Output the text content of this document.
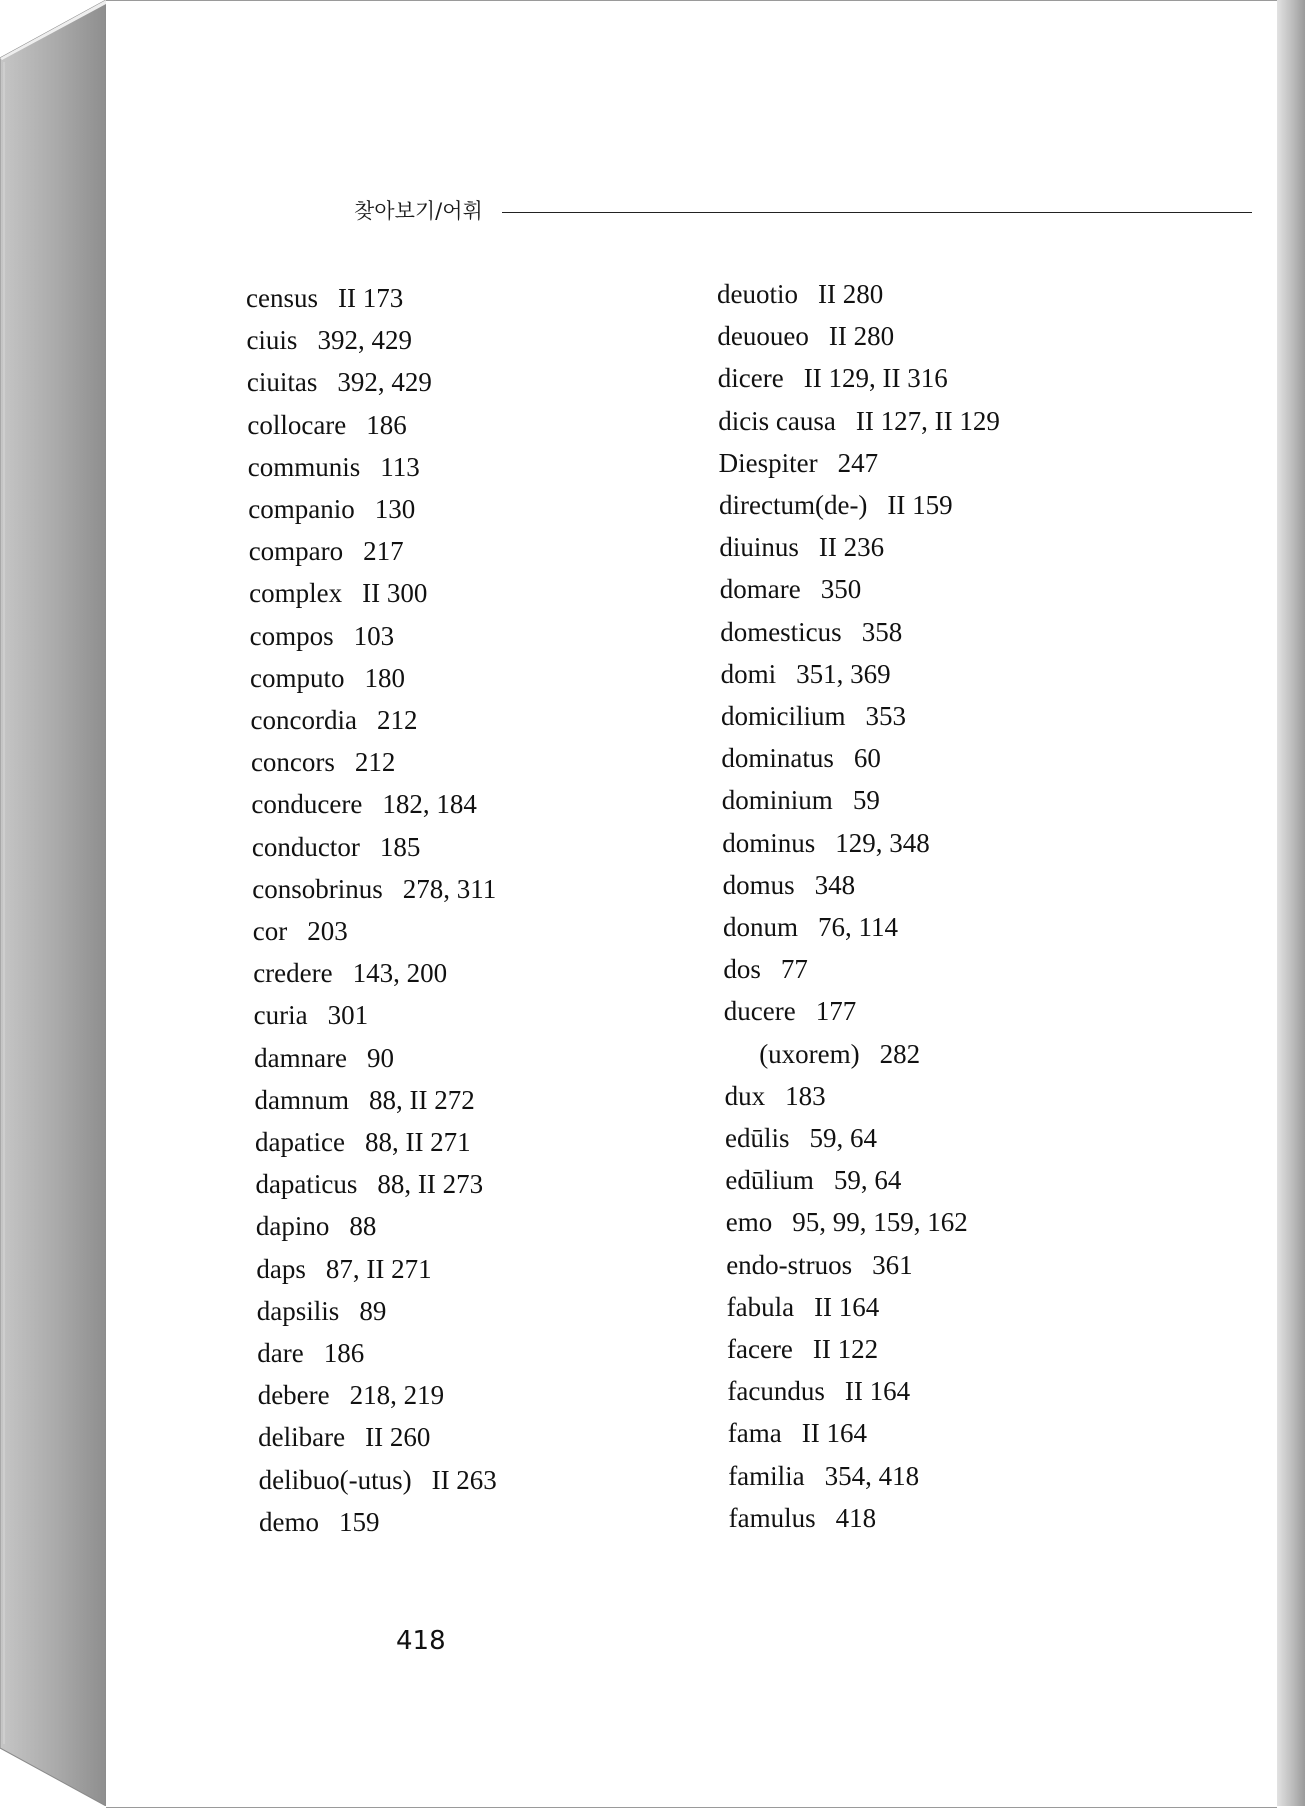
찾아보기/어휘
census II 173
ciuis 392, 429
ciuitas 392, 429
collocare 186
communis 113
companio 130
comparo 217
complex II 300
compos 103
computo 180
concordia 212
concors 212
conducere 182, 184
conductor 185
consobrinus 278, 311
cor 203
credere 143, 200
curia 301
damnare 90
damnum 88, II 272
dapatice 88, II 271
dapaticus 88, II 273
dapino 88
daps 87, II 271
dapsilis 89
dare 186
debere 218, 219
delibare II 260
delibuo(-utus) II 263
demo 159
deuotio II 280
deuoueo II 280
dicere II 129, II 316
dicis causa II 127, II 129
Diespiter 247
directum(de-) II 159
diuinus II 236
domare 350
domesticus 358
domi 351, 369
domicilium 353
dominatus 60
dominium 59
dominus 129, 348
domus 348
donum 76, 114
dos 77
ducere 177
(uxorem) 282
dux 183
edūlis 59, 64
edūlium 59, 64
emo 95, 99, 159, 162
endo-struos 361
fabula II 164
facere II 122
facundus II 164
fama II 164
familia 354, 418
famulus 418
418
